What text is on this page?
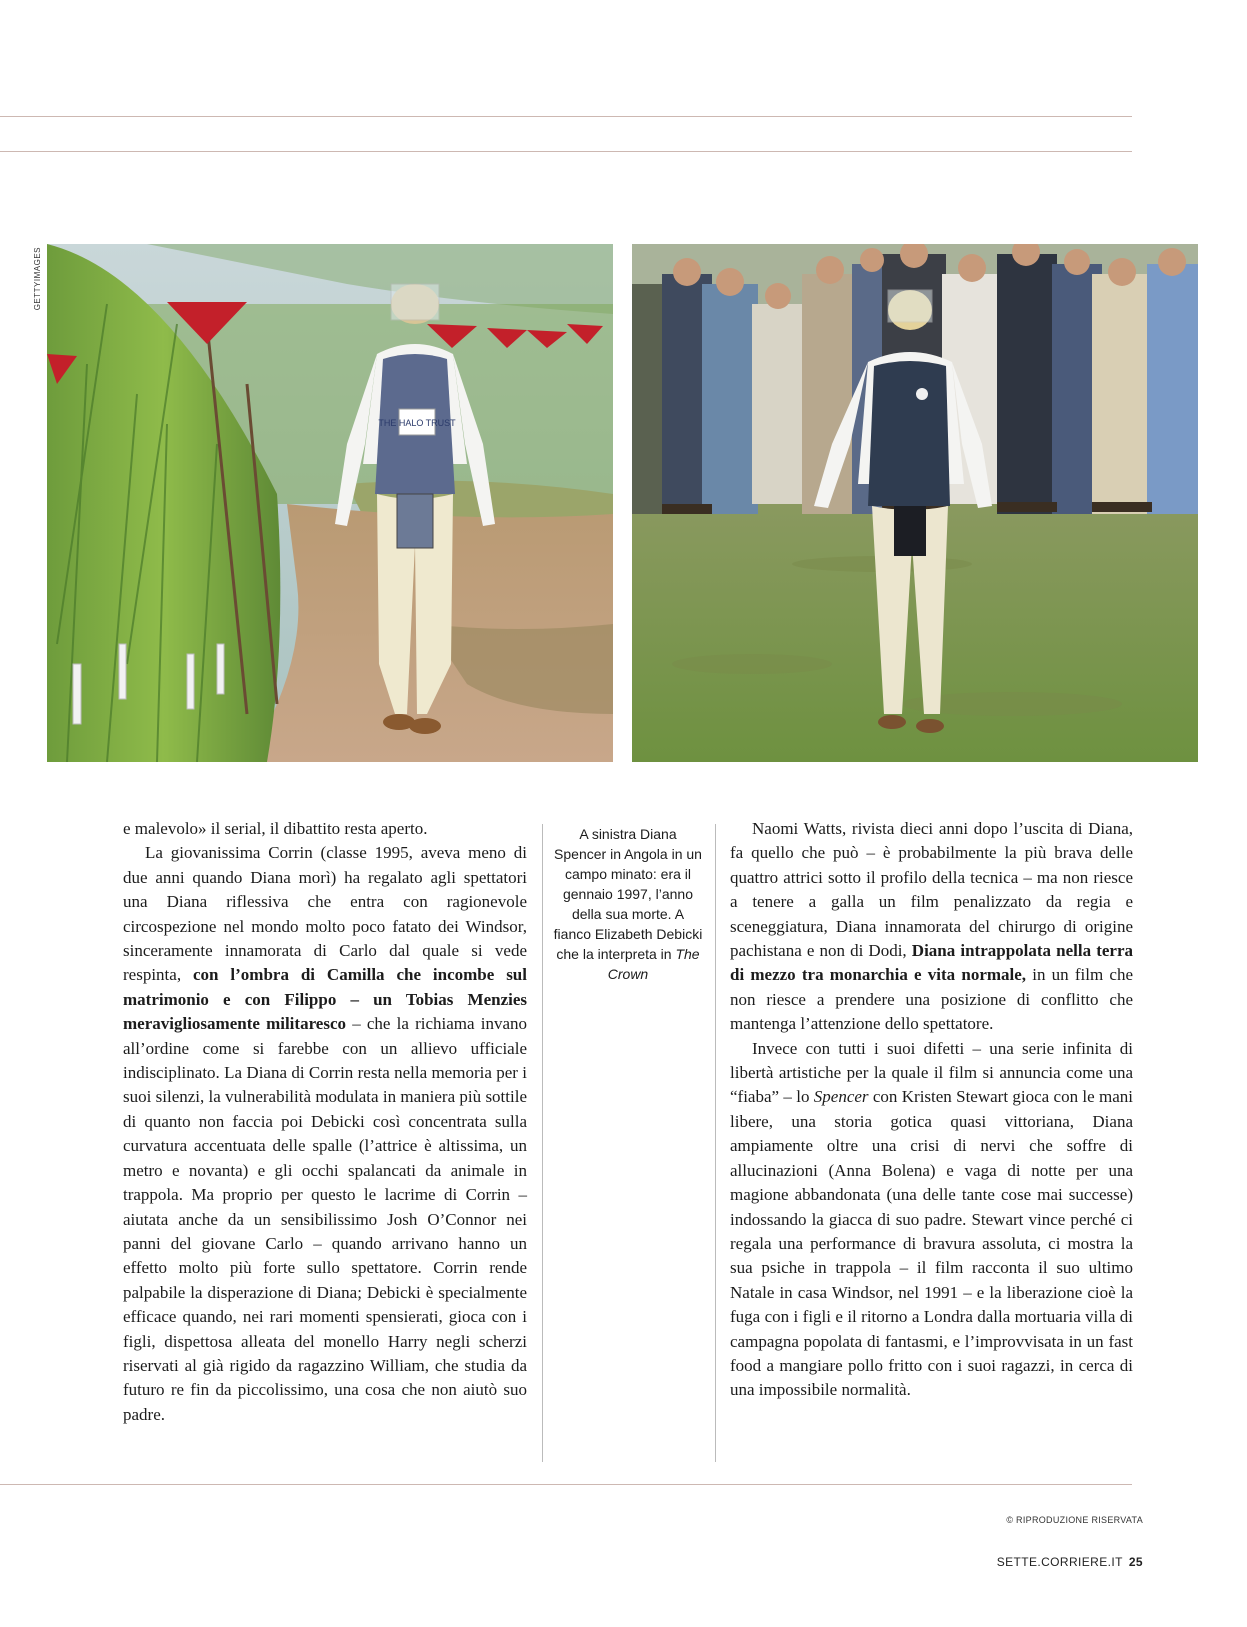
GETTYIMAGES
THE HALO TRUST

e malevolo» il serial, il dibattito resta aperto.

La giovanissima Corrin (classe 1995, aveva meno di due anni quando Diana morì) ha regalato agli spettatori una Diana riflessiva che entra con ragionevole circospezione nel mondo molto poco fatato dei Windsor, sinceramente innamorata di Carlo dal quale si vede respinta, con l’ombra di Camilla che incombe sul matrimonio e con Filippo – un Tobias Menzies meravigliosamente militaresco – che la richiama invano all’ordine come si farebbe con un allievo ufficiale indisciplinato. La Diana di Corrin resta nella memoria per i suoi silenzi, la vulnerabilità modulata in maniera più sottile di quanto non faccia poi Debicki così concentrata sulla curvatura accentuata delle spalle (l’attrice è altissima, un metro e novanta) e gli occhi spalancati da animale in trappola. Ma proprio per questo le lacrime di Corrin – aiutata anche da un sensibilissimo Josh O’Connor nei panni del giovane Carlo – quando arrivano hanno un effetto molto più forte sullo spettatore. Corrin rende palpabile la disperazione di Diana; Debicki è specialmente efficace quando, nei rari momenti spensierati, gioca con i figli, dispettosa alleata del monello Harry negli scherzi riservati al già rigido da ragazzino William, che studia da futuro re fin da piccolissimo, una cosa che non aiutò suo padre.

A sinistra Diana Spencer in Angola in un campo minato: era il gennaio 1997, l’anno della sua morte. A fianco Elizabeth Debicki che la interpreta in The Crown

Naomi Watts, rivista dieci anni dopo l’uscita di Diana, fa quello che può – è probabilmente la più brava delle quattro attrici sotto il profilo della tecnica – ma non riesce a tenere a galla un film penalizzato da regia e sceneggiatura, Diana innamorata del chirurgo di origine pachistana e non di Dodi, Diana intrappolata nella terra di mezzo tra monarchia e vita normale, in un film che non riesce a prendere una posizione di conflitto che mantenga l’attenzione dello spettatore.

Invece con tutti i suoi difetti – una serie infinita di libertà artistiche per la quale il film si annuncia come una “fiaba” – lo Spencer con Kristen Stewart gioca con le mani libere, una storia gotica quasi vittoriana, Diana ampiamente oltre una crisi di nervi che soffre di allucinazioni (Anna Bolena) e vaga di notte per una magione abbandonata (una delle tante cose mai successe) indossando la giacca di suo padre. Stewart vince perché ci regala una performance di bravura assoluta, ci mostra la sua psiche in trappola – il film racconta il suo ultimo Natale in casa Windsor, nel 1991 – e la liberazione cioè la fuga con i figli e il ritorno a Londra dalla mortuaria villa di campagna popolata di fantasmi, e l’improvvisata in un fast food a mangiare pollo fritto con i suoi ragazzi, in cerca di una impossibile normalità.

© RIPRODUZIONE RISERVATA
SETTE.CORRIERE.IT 25
